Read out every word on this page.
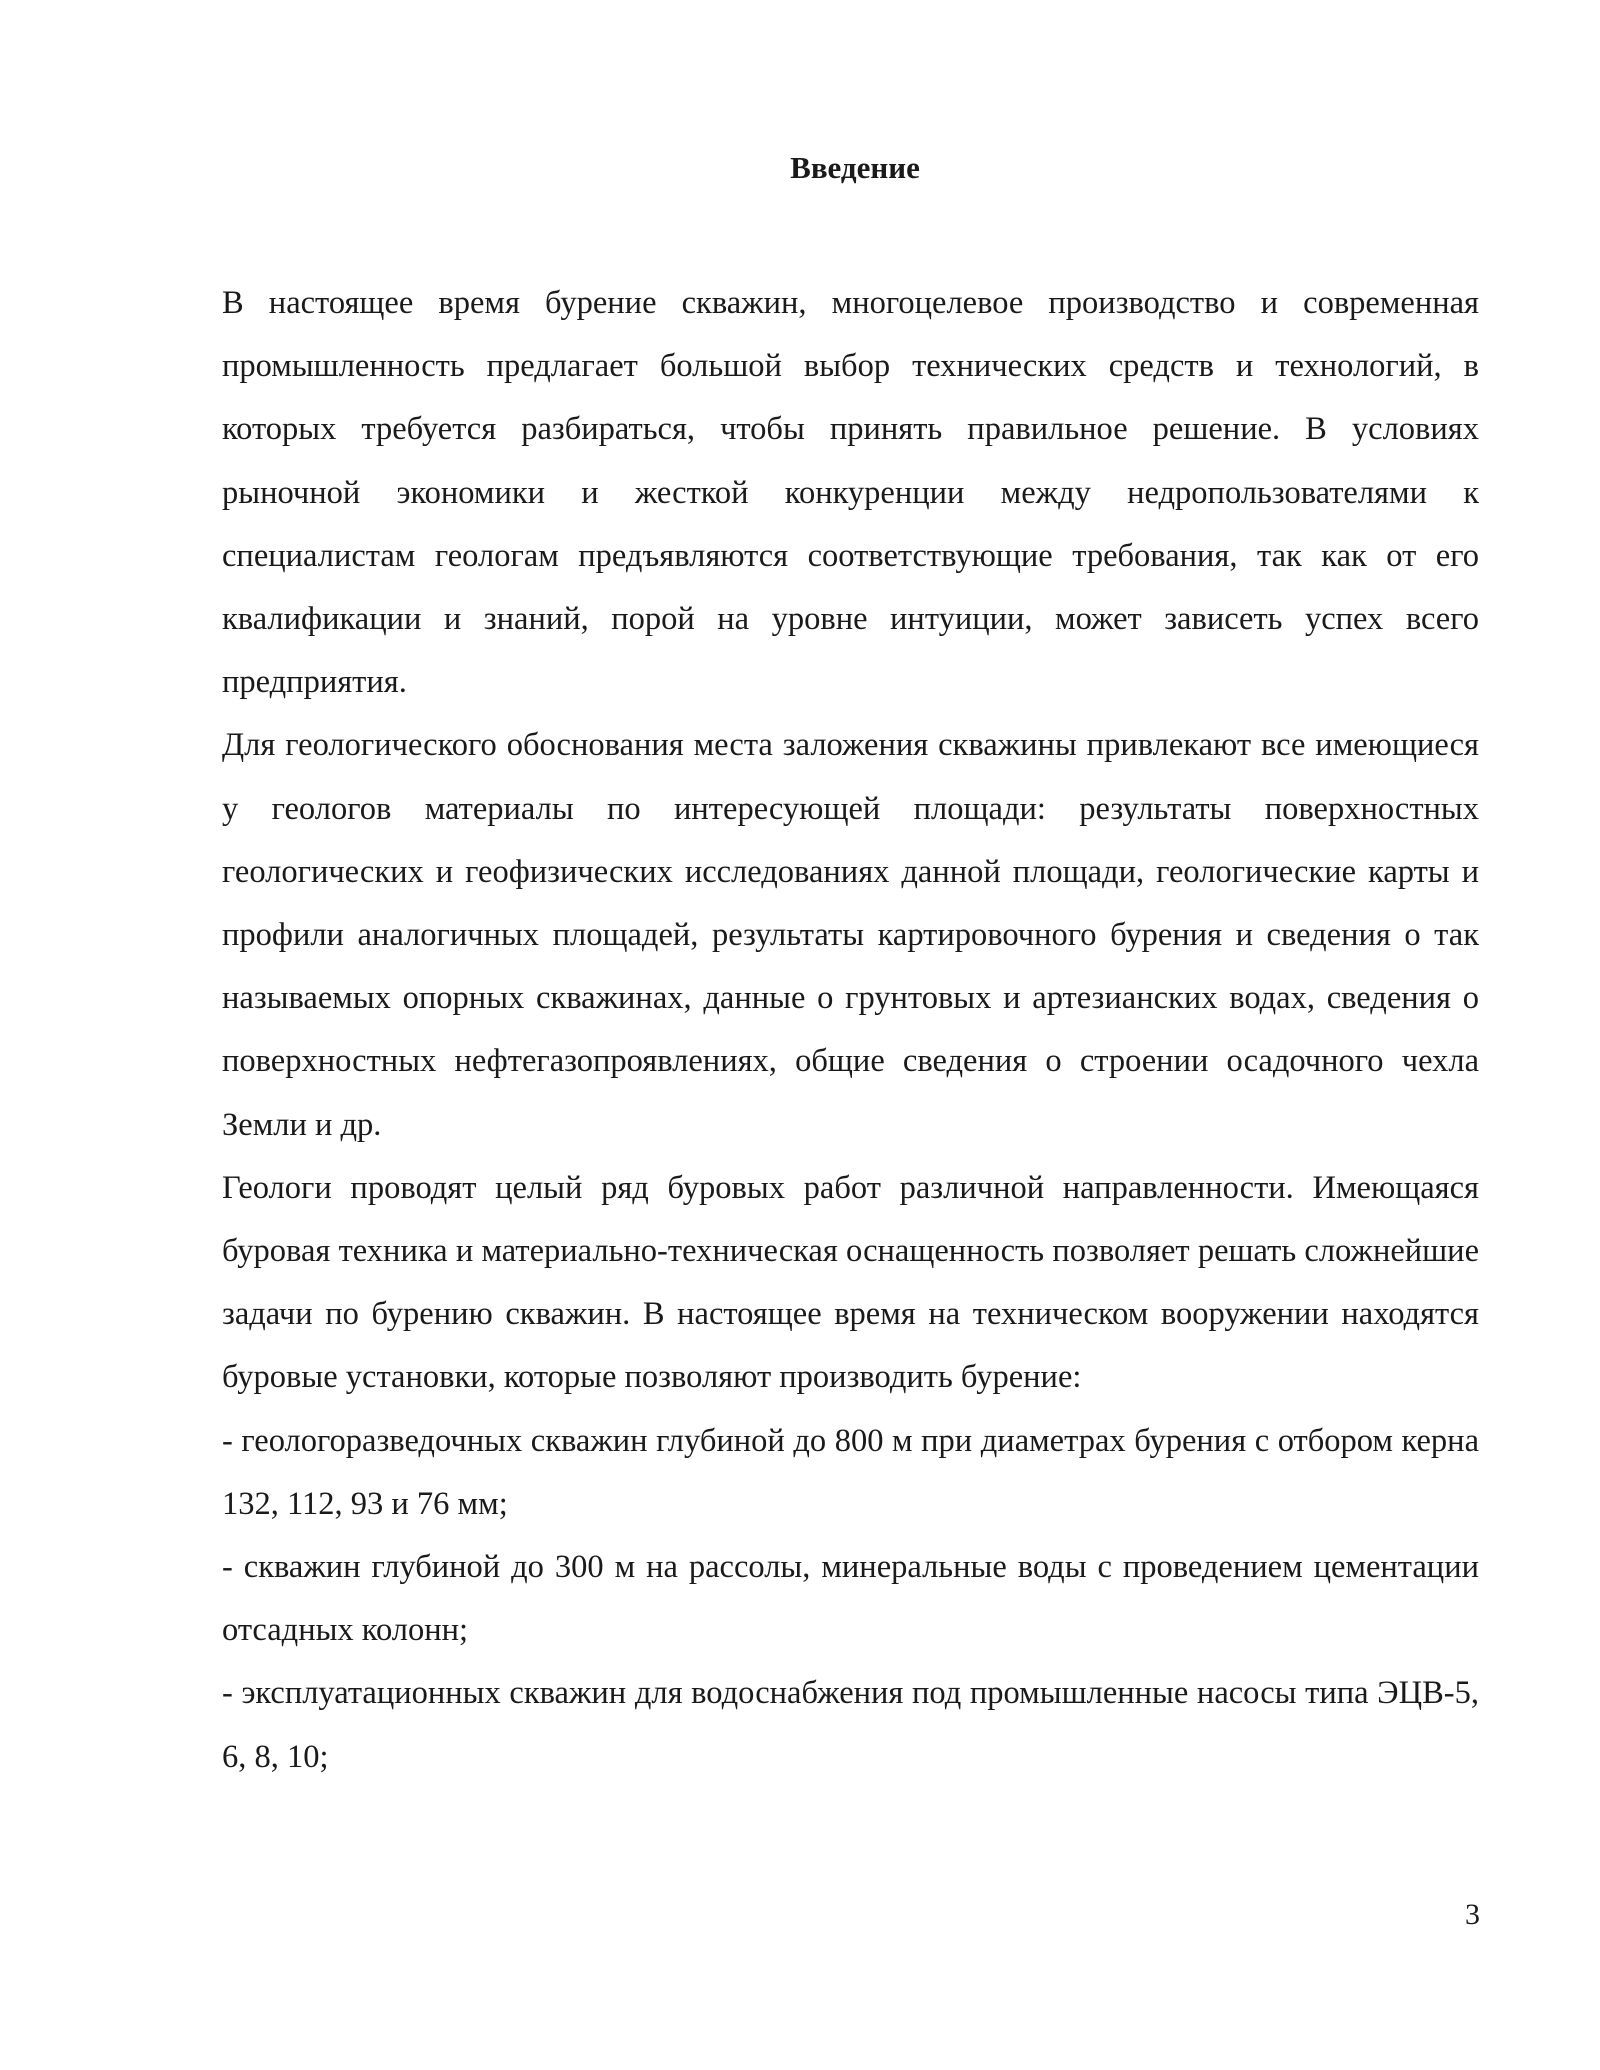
Введение

В настоящее время бурение скважин, многоцелевое производство и современная промышленность предлагает большой выбор технических средств и технологий, в которых требуется разбираться, чтобы принять правильное решение. В условиях рыночной экономики и жесткой конкуренции между недропользователями к специалистам геологам предъявляются соответствующие требования, так как от его квалификации и знаний, порой на уровне интуиции, может зависеть успех всего предприятия.

Для геологического обоснования места заложения скважины привлекают все имеющиеся у геологов материалы по интересующей площади: результаты поверхностных геологических и геофизических исследованиях данной площади, геологические карты и профили аналогичных площадей, результаты картировочного бурения и сведения о так называемых опорных скважинах, данные о грунтовых и артезианских водах, сведения о поверхностных нефтегазопроявлениях, общие сведения о строении осадочного чехла Земли и др.

Геологи проводят целый ряд буровых работ различной направленности. Имеющаяся буровая техника и материально-техническая оснащенность позволяет решать сложнейшие задачи по бурению скважин. В настоящее время на техническом вооружении находятся буровые установки, которые позволяют производить бурение:

- геологоразведочных скважин глубиной до 800 м при диаметрах бурения с отбором керна 132, 112, 93 и 76 мм;

- скважин глубиной до 300 м на рассолы, минеральные воды с проведением цементации отсадных колонн;

- эксплуатационных скважин для водоснабжения под промышленные насосы типа ЭЦВ-5, 6, 8, 10;

3
